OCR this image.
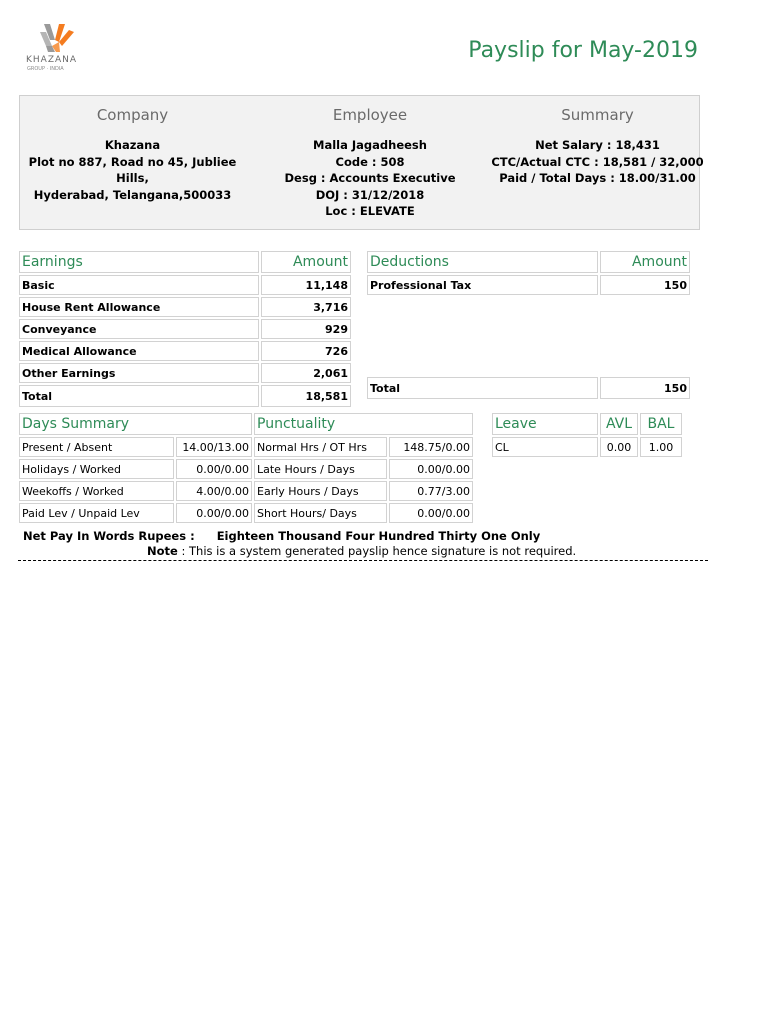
KHAZANA
GROUP · INDIA
Payslip for May-2019
Company
Khazana
Plot no 887, Road no 45, Jubliee Hills,
Hyderabad, Telangana,500033
Employee
Malla Jagadheesh
Code : 508
Desg : Accounts Executive
DOJ : 31/12/2018
Loc : ELEVATE
Summary
Net Salary : 18,431
CTC/Actual CTC : 18,581 / 32,000
Paid / Total Days : 18.00/31.00
Earnings	Amount
Basic	11,148
House Rent Allowance	3,716
Conveyance	929
Medical Allowance	726
Other Earnings	2,061
Total	18,581
Deductions	Amount
Professional Tax	150

Total	150
Days Summary		Punctuality	
Present / Absent	14.00/13.00	Normal Hrs / OT Hrs	148.75/0.00
Holidays / Worked	0.00/0.00	Late Hours / Days	0.00/0.00
Weekoffs / Worked	4.00/0.00	Early Hours / Days	0.77/3.00
Paid Lev / Unpaid Lev	0.00/0.00	Short Hours/ Days	0.00/0.00
Leave	AVL	BAL
CL	0.00	1.00
Net Pay In Words Rupees : Eighteen Thousand Four Hundred Thirty One Only
Note : This is a system generated payslip hence signature is not required.
